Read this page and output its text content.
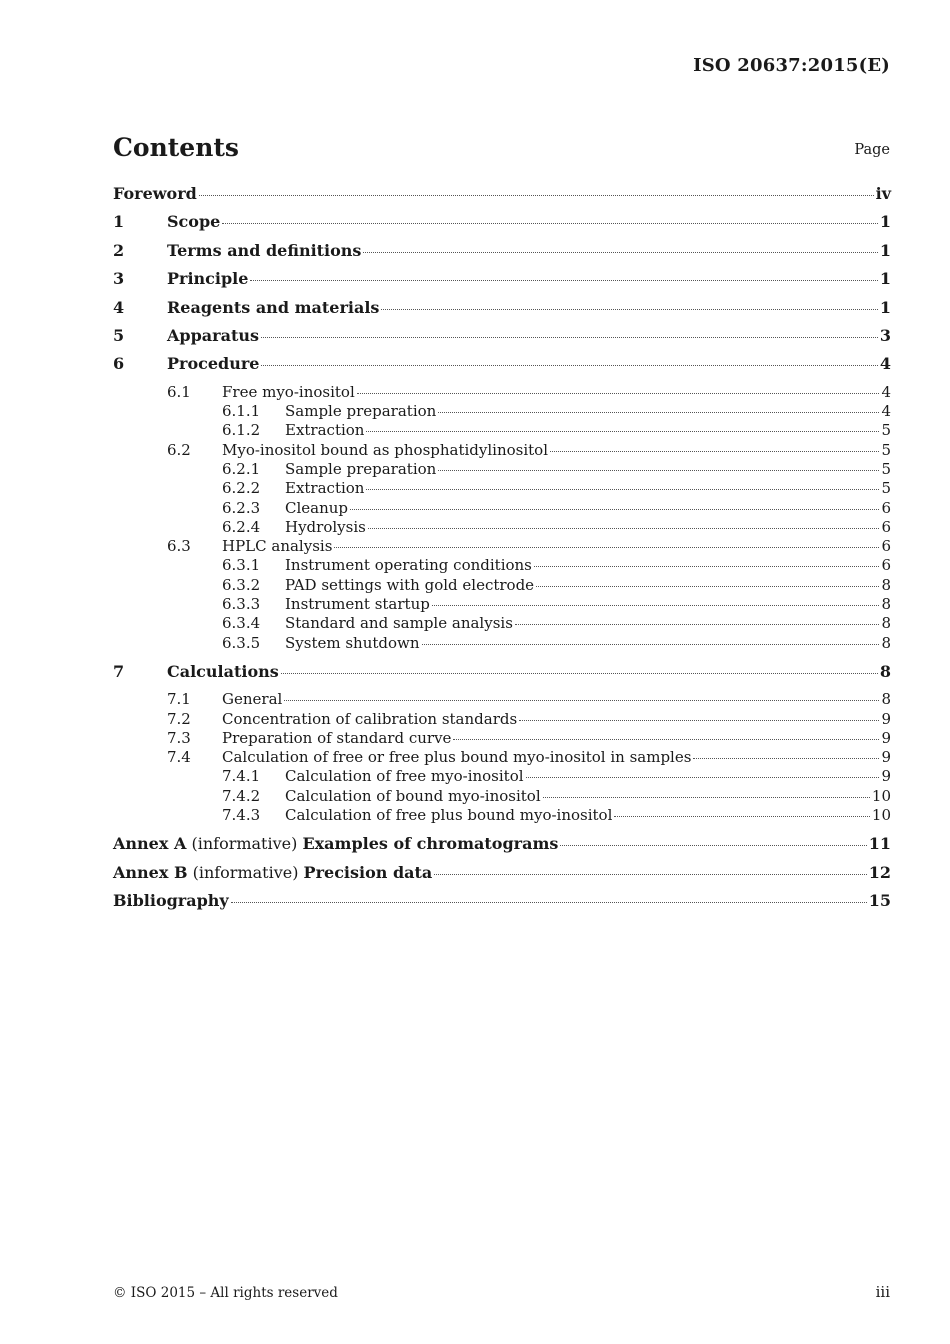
ISO 20637:2015(E)
Contents	Page
Foreword	iv
1	Scope	1
2	Terms and definitions	1
3	Principle	1
4	Reagents and materials	1
5	Apparatus	3
6	Procedure	4
6.1	Free myo-inositol	4
6.1.1	Sample preparation	4
6.1.2	Extraction	5
6.2	Myo-inositol bound as phosphatidylinositol	5
6.2.1	Sample preparation	5
6.2.2	Extraction	5
6.2.3	Cleanup	6
6.2.4	Hydrolysis	6
6.3	HPLC analysis	6
6.3.1	Instrument operating conditions	6
6.3.2	PAD settings with gold electrode	8
6.3.3	Instrument startup	8
6.3.4	Standard and sample analysis	8
6.3.5	System shutdown	8
7	Calculations	8
7.1	General	8
7.2	Concentration of calibration standards	9
7.3	Preparation of standard curve	9
7.4	Calculation of free or free plus bound myo-inositol in samples	9
7.4.1	Calculation of free myo-inositol	9
7.4.2	Calculation of bound myo-inositol	10
7.4.3	Calculation of free plus bound myo-inositol	10
Annex A (informative) Examples of chromatograms	11
Annex B (informative) Precision data	12
Bibliography	15
© ISO 2015 – All rights reserved	iii
